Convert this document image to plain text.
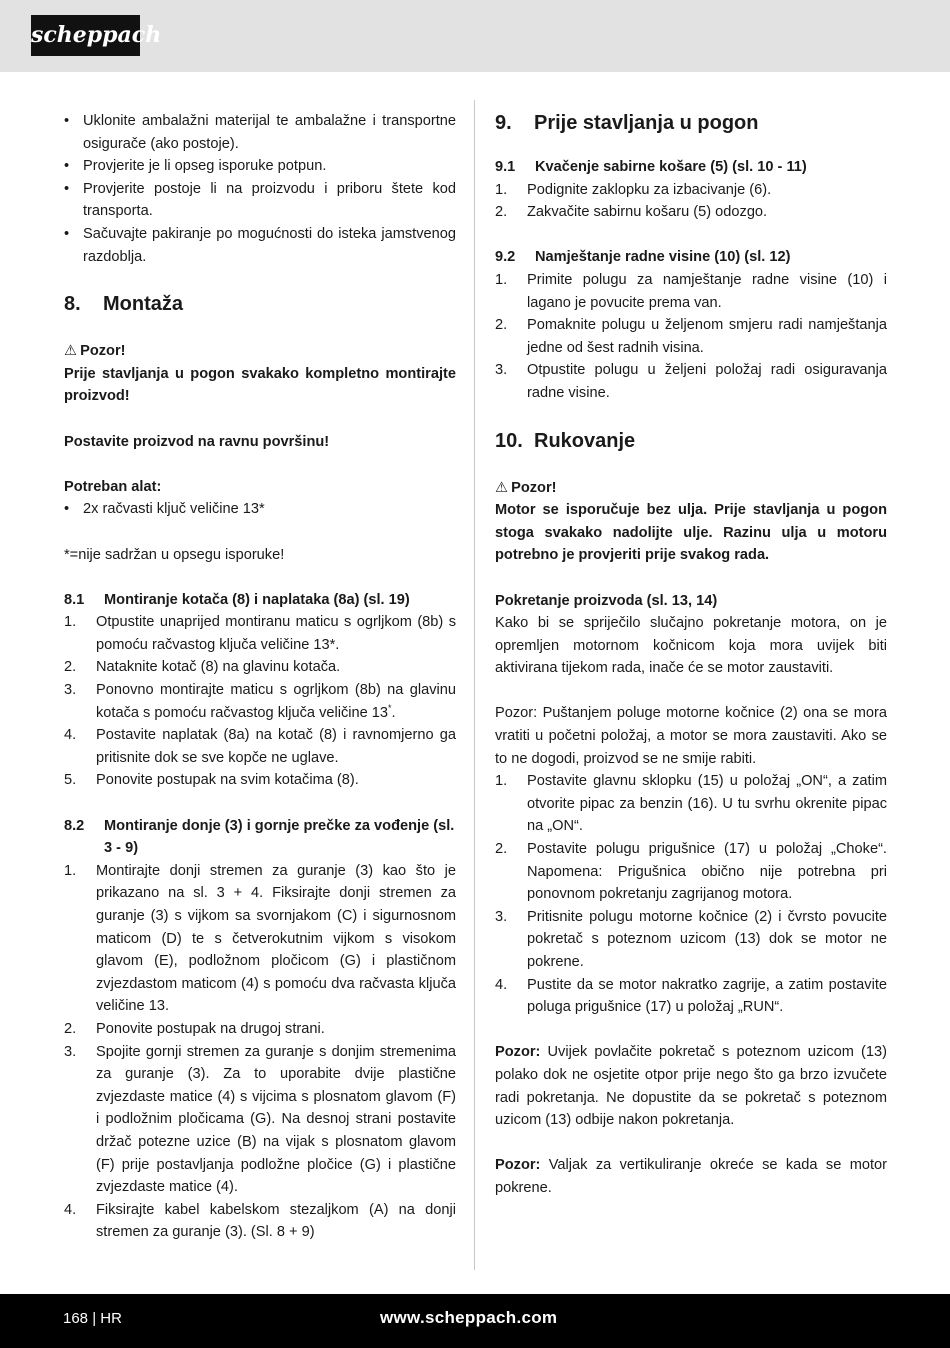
scheppach

• Uklonite ambalažni materijal te ambalažne i transportne osigurače (ako postoje).

• Provjerite je li opseg isporuke potpun.

• Provjerite postoje li na proizvodu i priboru štete kod transporta.

• Sačuvajte pakiranje po mogućnosti do isteka jamstvenog razdoblja.

8. Montaža

⚠ Pozor!

Prije stavljanja u pogon svakako kompletno montirajte proizvod!

Postavite proizvod na ravnu površinu!

Potreban alat:

• 2x račvasti ključ veličine 13*

*=nije sadržan u opsegu isporuke!

8.1 Montiranje kotača (8) i naplataka (8a) (sl. 19)

1. Otpustite unaprijed montiranu maticu s ogrljkom (8b) s pomoću račvastog ključa veličine 13*.

2. Nataknite kotač (8) na glavinu kotača.

3. Ponovno montirajte maticu s ogrljkom (8b) na glavinu kotača s pomoću račvastog ključa veličine 13*.

4. Postavite naplatak (8a) na kotač (8) i ravnomjerno ga pritisnite dok se sve kopče ne uglave.

5. Ponovite postupak na svim kotačima (8).

8.2 Montiranje donje (3) i gornje prečke za vođenje (sl. 3 - 9)

1. Montirajte donji stremen za guranje (3) kao što je prikazano na sl. 3 + 4. Fiksirajte donji stremen za guranje (3) s vijkom sa svornjakom (C) i sigurnosnom maticom (D) te s četverokutnim vijkom s visokom glavom (E), podložnom pločicom (G) i plastičnom zvjezdastom maticom (4) s pomoću dva račvasta ključa veličine 13.

2. Ponovite postupak na drugoj strani.

3. Spojite gornji stremen za guranje s donjim stremenima za guranje (3). Za to uporabite dvije plastične zvjezdaste matice (4) s vijcima s plosnatom glavom (F) i podložnim pločicama (G). Na desnoj strani postavite držač potezne uzice (B) na vijak s plosnatom glavom (F) prije postavljanja podložne pločice (G) i plastične zvjezdaste matice (4).

4. Fiksirajte kabel kabelskom stezaljkom (A) na donji stremen za guranje (3). (Sl. 8 + 9)

9. Prije stavljanja u pogon

9.1 Kvačenje sabirne košare (5) (sl. 10 - 11)

1. Podignite zaklopku za izbacivanje (6).

2. Zakvačite sabirnu košaru (5) odozgo.

9.2 Namještanje radne visine (10) (sl. 12)

1. Primite polugu za namještanje radne visine (10) i lagano je povucite prema van.

2. Pomaknite polugu u željenom smjeru radi namještanja jedne od šest radnih visina.

3. Otpustite polugu u željeni položaj radi osiguravanja radne visine.

10. Rukovanje

⚠ Pozor!

Motor se isporučuje bez ulja. Prije stavljanja u pogon stoga svakako nadolijte ulje. Razinu ulja u motoru potrebno je provjeriti prije svakog rada.

Pokretanje proizvoda (sl. 13, 14)

Kako bi se spriječilo slučajno pokretanje motora, on je opremljen motornom kočnicom koja mora uvijek biti aktivirana tijekom rada, inače će se motor zaustaviti.

Pozor: Puštanjem poluge motorne kočnice (2) ona se mora vratiti u početni položaj, a motor se mora zaustaviti. Ako se to ne dogodi, proizvod se ne smije rabiti.

1. Postavite glavnu sklopku (15) u položaj „ON“, a zatim otvorite pipac za benzin (16). U tu svrhu okrenite pipac na „ON“.

2. Postavite polugu prigušnice (17) u položaj „Choke“. Napomena: Prigušnica obično nije potrebna pri ponovnom pokretanju zagrijanog motora.

3. Pritisnite polugu motorne kočnice (2) i čvrsto povucite pokretač s poteznom uzicom (13) dok se motor ne pokrene.

4. Pustite da se motor nakratko zagrije, a zatim postavite poluga prigušnice (17) u položaj „RUN“.

Pozor: Uvijek povlačite pokretač s poteznom uzicom (13) polako dok ne osjetite otpor prije nego što ga brzo izvučete radi pokretanja. Ne dopustite da se pokretač s poteznom uzicom (13) odbije nakon pokretanja.

Pozor: Valjak za vertikuliranje okreće se kada se motor pokrene.

168 | HR	www.scheppach.com
